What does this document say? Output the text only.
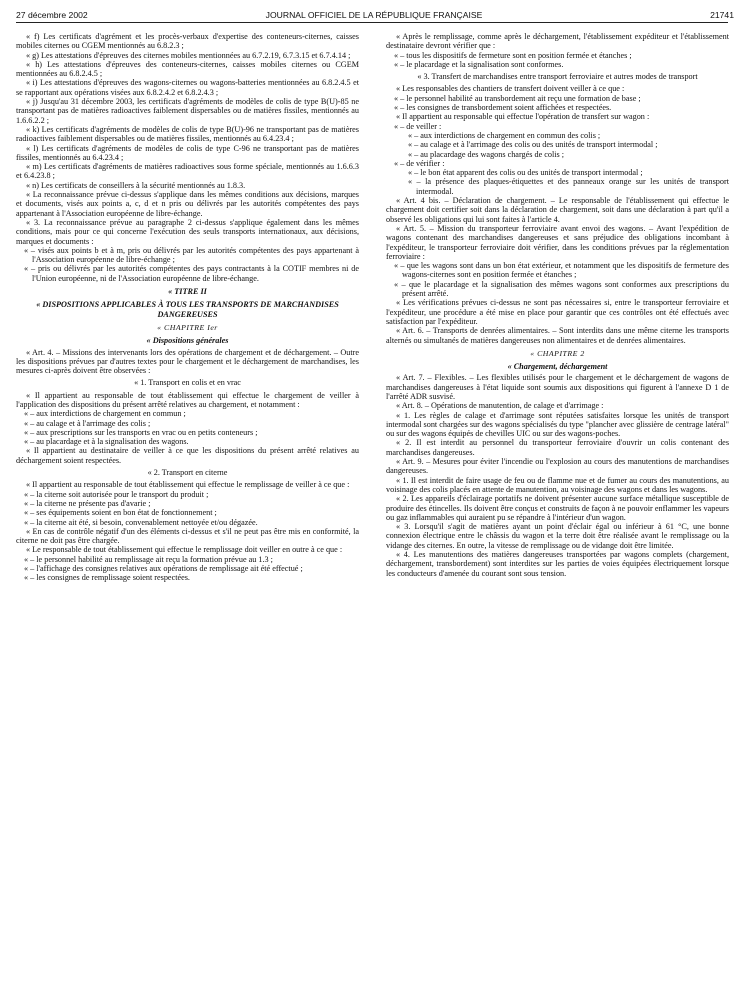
27 décembre 2002	JOURNAL OFFICIEL DE LA RÉPUBLIQUE FRANÇAISE	21741

« f) Les certificats d'agrément et les procès-verbaux d'expertise des conteneurs-citernes, caisses mobiles citernes ou CGEM mentionnés au 6.8.2.3 ;

« g) Les attestations d'épreuves des citernes mobiles mentionnées au 6.7.2.19, 6.7.3.15 et 6.7.4.14 ;

« h) Les attestations d'épreuves des conteneurs-citernes, caisses mobiles citernes ou CGEM mentionnées au 6.8.2.4.5 ;

« i) Les attestations d'épreuves des wagons-citernes ou wagons-batteries mentionnées au 6.8.2.4.5 et se rapportant aux opérations visées aux 6.8.2.4.2 et 6.8.2.4.3 ;

« j) Jusqu'au 31 décembre 2003, les certificats d'agréments de modèles de colis de type B(U)-85 ne transportant pas de matières radioactives faiblement dispersables ou de matières fissiles, mentionnés au 1.6.6.2.2 ;

« k) Les certificats d'agréments de modèles de colis de type B(U)-96 ne transportant pas de matières radioactives faiblement dispersables ou de matières fissiles, mentionnés au 6.4.23.4 ;

« l) Les certificats d'agréments de modèles de colis de type C-96 ne transportant pas de matières fissiles, mentionnés au 6.4.23.4 ;

« m) Les certificats d'agréments de matières radioactives sous forme spéciale, mentionnés au 1.6.6.3 et 6.4.23.8 ;

« n) Les certificats de conseillers à la sécurité mentionnés au 1.8.3.

« La reconnaissance prévue ci-dessus s'applique dans les mêmes conditions aux décisions, marques et documents, visés aux points a, c, d et n pris ou délivrés par les autorités compétentes des pays appartenant à l'Association européenne de libre-échange.

« 3. La reconnaissance prévue au paragraphe 2 ci-dessus s'applique également dans les mêmes conditions, mais pour ce qui concerne l'exécution des seuls transports internationaux, aux décisions, marques et documents :

« – visés aux points b et à m, pris ou délivrés par les autorités compétentes des pays appartenant à l'Association européenne de libre-échange ;

« – pris ou délivrés par les autorités compétentes des pays contractants à la COTIF membres ni de l'Union européenne, ni de l'Association européenne de libre-échange.

« TITRE II

« DISPOSITIONS APPLICABLES À TOUS LES TRANSPORTS DE MARCHANDISES DANGEREUSES

« CHAPITRE Ier

« Dispositions générales

« Art. 4. – Missions des intervenants lors des opérations de chargement et de déchargement. – Outre les dispositions prévues par d'autres textes pour le chargement et le déchargement de marchandises, les mesures ci-après doivent être observées :

« 1. Transport en colis et en vrac

« Il appartient au responsable de tout établissement qui effectue le chargement de veiller à l'application des dispositions du présent arrêté relatives au chargement, et notamment :

« – aux interdictions de chargement en commun ;

« – au calage et à l'arrimage des colis ;

« – aux prescriptions sur les transports en vrac ou en petits conteneurs ;

« – au placardage et à la signalisation des wagons.

« Il appartient au destinataire de veiller à ce que les dispositions du présent arrêté relatives au déchargement soient respectées.

« 2. Transport en citerne

« Il appartient au responsable de tout établissement qui effectue le remplissage de veiller à ce que :

« – la citerne soit autorisée pour le transport du produit ;

« – la citerne ne présente pas d'avarie ;

« – ses équipements soient en bon état de fonctionnement ;

« – la citerne ait été, si besoin, convenablement nettoyée et/ou dégazée.

« En cas de contrôle négatif d'un des éléments ci-dessus et s'il ne peut pas être mis en conformité, la citerne ne doit pas être chargée.

« Le responsable de tout établissement qui effectue le remplissage doit veiller en outre à ce que :

« – le personnel habilité au remplissage ait reçu la formation prévue au 1.3 ;

« – l'affichage des consignes relatives aux opérations de remplissage ait été effectué ;

« – les consignes de remplissage soient respectées.

« Après le remplissage, comme après le déchargement, l'établissement expéditeur et l'établissement destinataire devront vérifier que :

« – tous les dispositifs de fermeture sont en position fermée et étanches ;

« – le placardage et la signalisation sont conformes.

« 3. Transfert de marchandises entre transport ferroviaire et autres modes de transport

« Les responsables des chantiers de transfert doivent veiller à ce que :

« – le personnel habilité au transbordement ait reçu une formation de base ;

« – les consignes de transbordement soient affichées et respectées.

« Il appartient au responsable qui effectue l'opération de transfert sur wagon :

« – de veiller :

« – aux interdictions de chargement en commun des colis ;

« – au calage et à l'arrimage des colis ou des unités de transport intermodal ;

« – au placardage des wagons chargés de colis ;

« – de vérifier :

« – le bon état apparent des colis ou des unités de transport intermodal ;

« – la présence des plaques-étiquettes et des panneaux orange sur les unités de transport intermodal.

« Art. 4 bis. – Déclaration de chargement. – Le responsable de l'établissement qui effectue le chargement doit certifier soit dans la déclaration de chargement, soit dans une déclaration à part qu'il a observé les obligations qui lui sont faites à l'article 4.

« Art. 5. – Mission du transporteur ferroviaire avant envoi des wagons. – Avant l'expédition de wagons contenant des marchandises dangereuses et sans préjudice des obligations incombant à l'expéditeur, le transporteur ferroviaire doit vérifier, dans les conditions prévues par la réglementation ferroviaire :

« – que les wagons sont dans un bon état extérieur, et notamment que les dispositifs de fermeture des wagons-citernes sont en position fermée et étanches ;

« – que le placardage et la signalisation des mêmes wagons sont conformes aux prescriptions du présent arrêté.

« Les vérifications prévues ci-dessus ne sont pas nécessaires si, entre le transporteur ferroviaire et l'expéditeur, une procédure a été mise en place pour garantir que ces contrôles ont été effectués avec satisfaction par l'expéditeur.

« Art. 6. – Transports de denrées alimentaires. – Sont interdits dans une même citerne les transports alternés ou simultanés de matières dangereuses non alimentaires et de denrées alimentaires.

« CHAPITRE 2

« Chargement, déchargement

« Art. 7. – Flexibles. – Les flexibles utilisés pour le chargement et le déchargement de wagons de marchandises dangereuses à l'état liquide sont soumis aux dispositions qui figurent à l'annexe D 1 de l'arrêté ADR susvisé.

« Art. 8. – Opérations de manutention, de calage et d'arrimage :

« 1. Les règles de calage et d'arrimage sont réputées satisfaites lorsque les unités de transport intermodal sont chargées sur des wagons spécialisés du type "plancher avec glissière de centrage latéral" ou sur des wagons équipés de chevilles UIC ou sur des wagons-poches.

« 2. Il est interdit au personnel du transporteur ferroviaire d'ouvrir un colis contenant des marchandises dangereuses.

« Art. 9. – Mesures pour éviter l'incendie ou l'explosion au cours des manutentions de marchandises dangereuses.

« 1. Il est interdit de faire usage de feu ou de flamme nue et de fumer au cours des manutentions, au voisinage des colis placés en attente de manutention, au voisinage des wagons et dans les wagons.

« 2. Les appareils d'éclairage portatifs ne doivent présenter aucune surface métallique susceptible de produire des étincelles. Ils doivent être conçus et construits de façon à ne pouvoir enflammer les vapeurs ou gaz inflammables qui auraient pu se répandre à l'intérieur d'un wagon.

« 3. Lorsqu'il s'agit de matières ayant un point d'éclair égal ou inférieur à 61 °C, une bonne connexion électrique entre le châssis du wagon et la terre doit être réalisée avant le remplissage ou la vidange des citernes. En outre, la vitesse de remplissage ou de vidange doit être limitée.

« 4. Les manutentions des matières dangereuses transportées par wagons complets (chargement, déchargement, transbordement) sont interdites sur les parties de voies équipées électriquement lorsque les conducteurs d'amenée du courant sont sous tension.
